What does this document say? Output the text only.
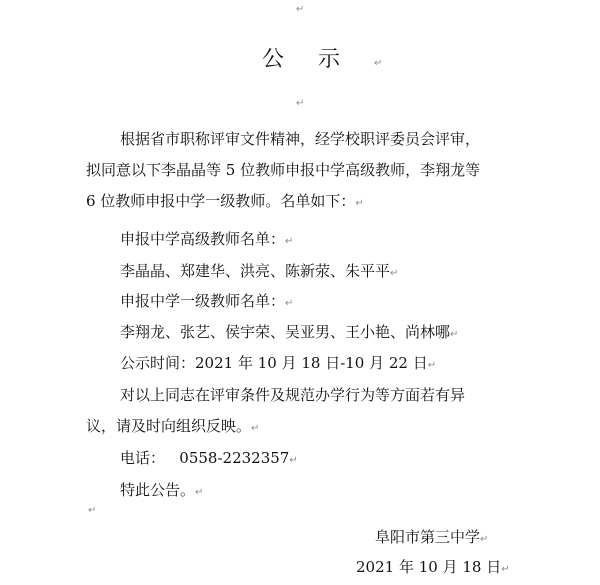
↵
公示↵
↵
根据省市职称评审文件精神，经学校职评委员会评审，
拟同意以下李晶晶等 5 位教师申报中学高级教师，李翔龙等
6 位教师申报中学一级教师。名单如下：↵
申报中学高级教师名单：↵
李晶晶、郑建华、洪亮、陈新荥、朱平平↵
申报中学一级教师名单：↵
李翔龙、张艺、侯宇荣、吴亚男、王小艳、尚林哪↵
公示时间：2021 年 10 月 18 日-10 月 22 日↵
对以上同志在评审条件及规范办学行为等方面若有异
议，请及时向组织反映。↵
电话：   0558-2232357↵
特此公告。↵
↵
阜阳市第三中学↵
2021 年 10 月 18 日↵
